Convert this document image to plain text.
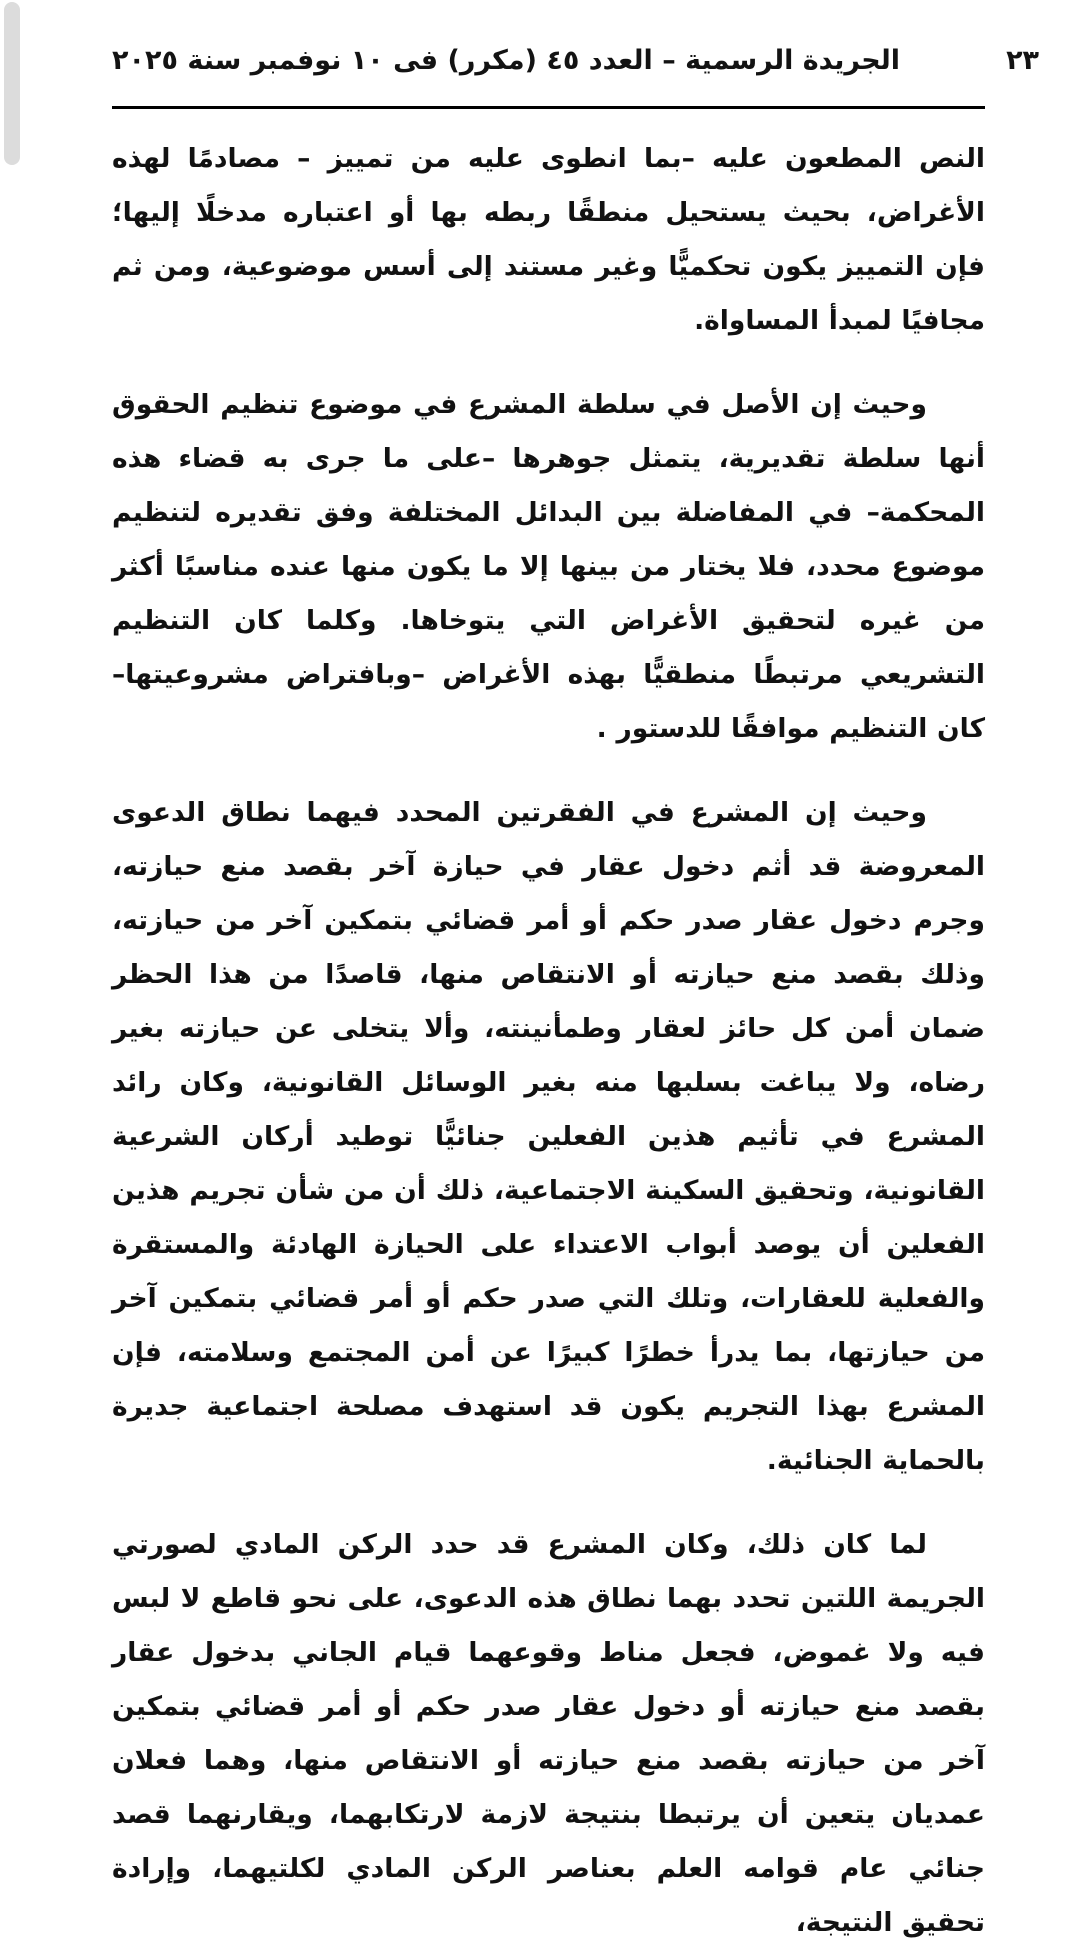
الجريدة الرسمية – العدد ٤٥ (مكرر) فى ١٠ نوفمبر سنة ٢٠٢٥	٢٣

النص المطعون عليه –بما انطوى عليه من تمييز – مصادمًا لهذه الأغراض، بحيث يستحيل منطقًا ربطه بها أو اعتباره مدخلًا إليها؛ فإن التمييز يكون تحكميًّا وغير مستند إلى أسس موضوعية، ومن ثم مجافيًا لمبدأ المساواة.

وحيث إن الأصل في سلطة المشرع في موضوع تنظيم الحقوق أنها سلطة تقديرية، يتمثل جوهرها –على ما جرى به قضاء هذه المحكمة– في المفاضلة بين البدائل المختلفة وفق تقديره لتنظيم موضوع محدد، فلا يختار من بينها إلا ما يكون منها عنده مناسبًا أكثر من غيره لتحقيق الأغراض التي يتوخاها. وكلما كان التنظيم التشريعي مرتبطًا منطقيًّا بهذه الأغراض –وبافتراض مشروعيتها– كان التنظيم موافقًا للدستور .

وحيث إن المشرع في الفقرتين المحدد فيهما نطاق الدعوى المعروضة قد أثم دخول عقار في حيازة آخر بقصد منع حيازته، وجرم دخول عقار صدر حكم أو أمر قضائي بتمكين آخر من حيازته، وذلك بقصد منع حيازته أو الانتقاص منها، قاصدًا من هذا الحظر ضمان أمن كل حائز لعقار وطمأنينته، وألا يتخلى عن حيازته بغير رضاه، ولا يباغت بسلبها منه بغير الوسائل القانونية، وكان رائد المشرع في تأثيم هذين الفعلين جنائيًّا توطيد أركان الشرعية القانونية، وتحقيق السكينة الاجتماعية، ذلك أن من شأن تجريم هذين الفعلين أن يوصد أبواب الاعتداء على الحيازة الهادئة والمستقرة والفعلية للعقارات، وتلك التي صدر حكم أو أمر قضائي بتمكين آخر من حيازتها، بما يدرأ خطرًا كبيرًا عن أمن المجتمع وسلامته، فإن المشرع بهذا التجريم يكون قد استهدف مصلحة اجتماعية جديرة بالحماية الجنائية.

لما كان ذلك، وكان المشرع قد حدد الركن المادي لصورتي الجريمة اللتين تحدد بهما نطاق هذه الدعوى، على نحو قاطع لا لبس فيه ولا غموض، فجعل مناط وقوعهما قيام الجاني بدخول عقار بقصد منع حيازته أو دخول عقار صدر حكم أو أمر قضائي بتمكين آخر من حيازته بقصد منع حيازته أو الانتقاص منها، وهما فعلان عمديان يتعين أن يرتبطا بنتيجة لازمة لارتكابهما، ويقارنهما قصد جنائي عام قوامه العلم بعناصر الركن المادي لكلتيهما، وإرادة تحقيق النتيجة،
